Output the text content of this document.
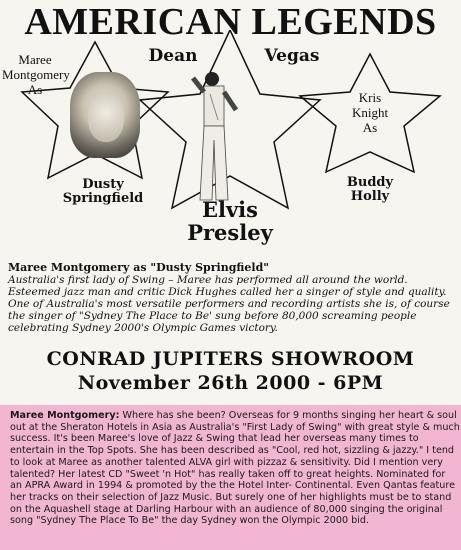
AMERICAN LEGENDS
Maree
Montgomery
As
Dusty
Springfield
Dean	Vegas
Elvis
Presley
Kris
Knight
As
Buddy
Holly
Maree Montgomery as "Dusty Springfield"
Australia's first lady of Swing – Maree has performed all around the world. Esteemed jazz man and critic Dick Hughes called her a singer of style and quality. One of Australia's most versatile performers and recording artists she is, of course the singer of "Sydney The Place to Be' sung before 80,000 screaming people celebrating Sydney 2000's Olympic Games victory.
CONRAD JUPITERS SHOWROOM
November 26th 2000 - 6PM
Maree Montgomery: Where has she been? Overseas for 9 months singing her heart & soul out at the Sheraton Hotels in Asia as Australia's "First Lady of Swing" with great style & much success. It's been Maree's love of Jazz & Swing that lead her overseas many times to entertain in the Top Spots. She has been described as "Cool, red hot, sizzling & jazzy." I tend to look at Maree as another talented ALVA girl with pizzaz & sensitivity. Did I mention very talented? Her latest CD "Sweet 'n Hot" has really taken off to great heights. Nominated for an APRA Award in 1994 & promoted by the the Hotel Inter- Continental. Even Qantas feature her tracks on their selection of Jazz Music. But surely one of her highlights must be to stand on the Aquashell stage at Darling Harbour with an audience of 80,000 singing the original song "Sydney The Place To Be" the day Sydney won the Olympic 2000 bid.
